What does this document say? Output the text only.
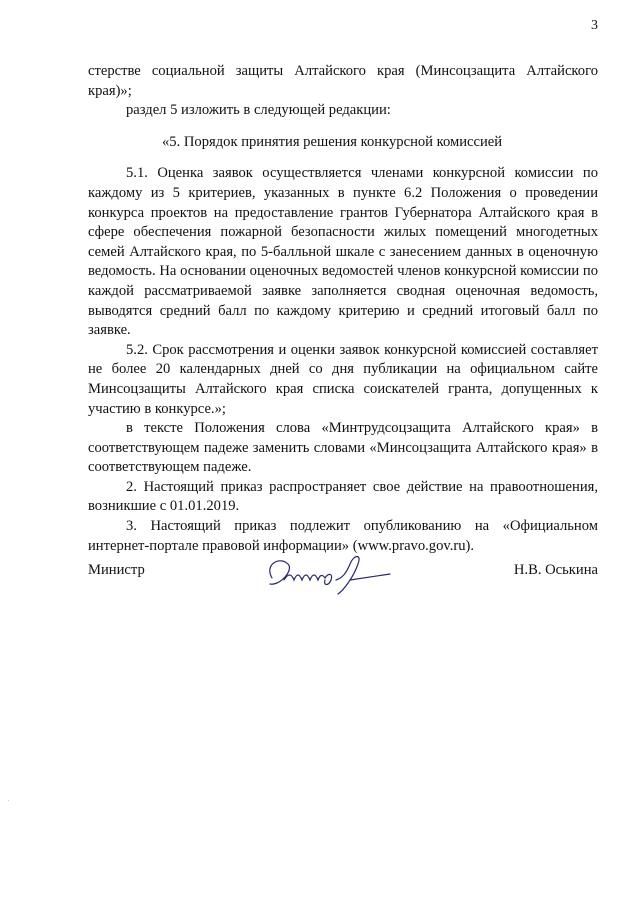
3

стерстве социальной защиты Алтайского края (Минсоцзащита Алтайского края)»;

раздел 5 изложить в следующей редакции:

«5. Порядок принятия решения конкурсной комиссией

5.1. Оценка заявок осуществляется членами конкурсной комиссии по каждому из 5 критериев, указанных в пункте 6.2 Положения о проведении конкурса проектов на предоставление грантов Губернатора Алтайского края в сфере обеспечения пожарной безопасности жилых помещений многодетных семей Алтайского края, по 5-балльной шкале с занесением данных в оценочную ведомость. На основании оценочных ведомостей членов конкурсной комиссии по каждой рассматриваемой заявке заполняется сводная оценочная ведомость, выводятся средний балл по каждому критерию и средний итоговый балл по заявке.

5.2. Срок рассмотрения и оценки заявок конкурсной комиссией составляет не более 20 календарных дней со дня публикации на официальном сайте Минсоцзащиты Алтайского края списка соискателей гранта, допущенных к участию в конкурсе.»;

в тексте Положения слова «Минтрудсоцзащита Алтайского края» в соответствующем падеже заменить словами «Минсоцзащита Алтайского края» в соответствующем падеже.

2. Настоящий приказ распространяет свое действие на правоотношения, возникшие с 01.01.2019.

3. Настоящий приказ подлежит опубликованию на «Официальном интернет-портале правовой информации» (www.pravo.gov.ru).

Министр	Н.В. Оськина
